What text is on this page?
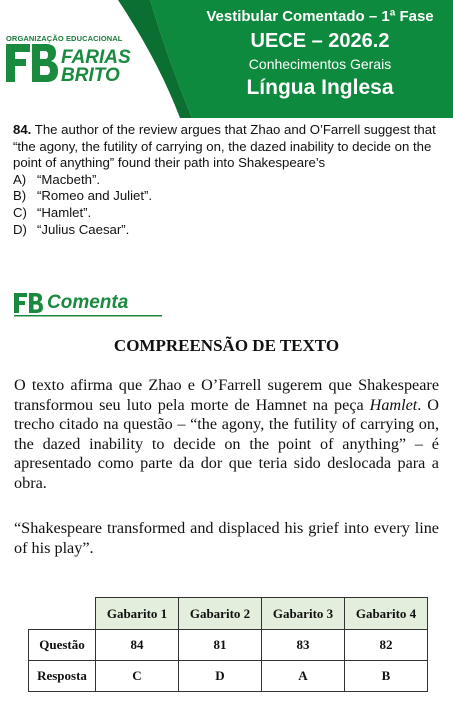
ORGANIZAÇÃO EDUCACIONAL
FARIAS
BRITO
Vestibular Comentado – 1ª Fase
UECE – 2026.2
Conhecimentos Gerais
Língua Inglesa
84. The author of the review argues that Zhao and O’Farrell suggest that “the agony, the futility of carrying on, the dazed inability to decide on the point of anything” found their path into Shakespeare’s
A) “Macbeth”.
B) “Romeo and Juliet”.
C) “Hamlet”.
D) “Julius Caesar”.
Comenta
COMPREENSÃO DE TEXTO
O texto afirma que Zhao e O’Farrell sugerem que Shakespeare transformou seu luto pela morte de Hamnet na peça Hamlet. O trecho citado na questão – “the agony, the futility of carrying on, the dazed inability to decide on the point of anything” – é apresentado como parte da dor que teria sido deslocada para a obra.
“Shakespeare transformed and displaced his grief into every line of his play”.
	Gabarito 1	Gabarito 2	Gabarito 3	Gabarito 4
Questão	84	81	83	82
Resposta	C	D	A	B
